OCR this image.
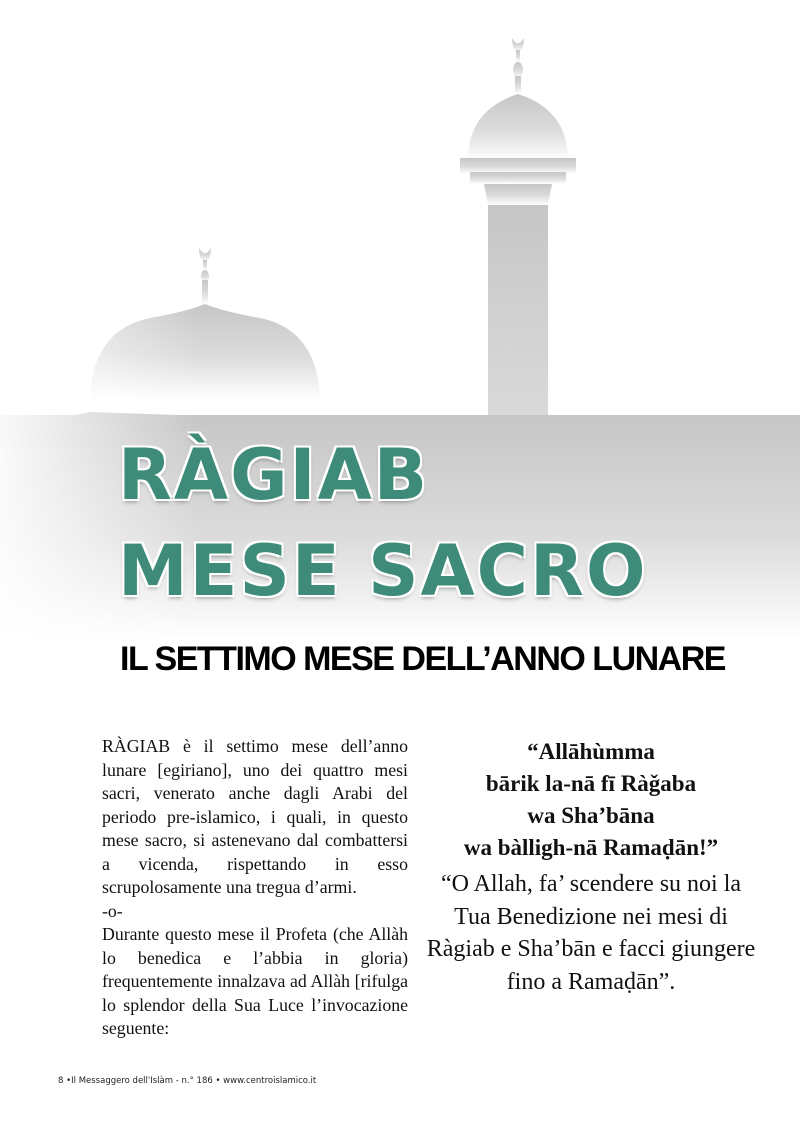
RÀGIAB
MESE SACRO
IL SETTIMO MESE DELL’ANNO LUNARE

RÀGIAB è il settimo mese dell’anno lunare [egiriano], uno dei quattro mesi sacri, venerato anche dagli Arabi del periodo pre-islamico, i quali, in questo mese sacro, si astenevano dal combattersi a vicenda, rispettando in esso scrupolosamente una tregua d’armi.

-o-

Durante questo mese il Profeta (che Allàh lo benedica e l’abbia in gloria) frequentemente innalzava ad Allàh [rifulga lo splendor della Sua Luce l’invocazione seguente:

“Allāhùmma
bārik la-nā fī Ràǧaba
wa Sha’bāna
wa bàlligh-nā Ramaḍān!”
“O Allah, fa’ scendere su noi la Tua Benedizione nei mesi di Ràgiab e Sha’bān e facci giungere fino a Ramaḍān”.
8 •Il Messaggero dell'Islàm - n.° 186 • www.centroislamico.it
